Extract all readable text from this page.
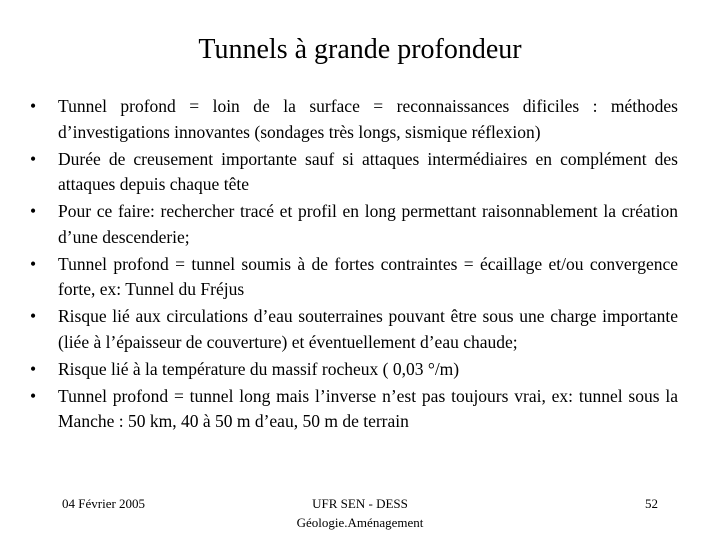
Tunnels à grande profondeur
•	Tunnel profond = loin de la surface = reconnaissances dificiles : méthodes d’investigations innovantes (sondages très longs, sismique réflexion)
•	Durée de creusement importante sauf si attaques intermédiaires en complément des attaques depuis chaque tête
•	Pour ce faire: rechercher tracé et profil en long permettant raisonnablement la création d’une descenderie;
•	Tunnel profond = tunnel soumis à de fortes contraintes = écaillage et/ou convergence forte, ex: Tunnel du Fréjus
•	Risque lié aux circulations d’eau souterraines pouvant être sous une charge importante (liée à l’épaisseur de couverture) et éventuellement d’eau chaude;
•	Risque lié à la température du massif rocheux ( 0,03 °/m)
•	Tunnel profond = tunnel long mais l’inverse n’est pas toujours vrai, ex: tunnel sous la Manche : 50 km, 40 à 50 m d’eau, 50 m de terrain
04 Février 2005	UFR SEN - DESS
Géologie.Aménagement
52
